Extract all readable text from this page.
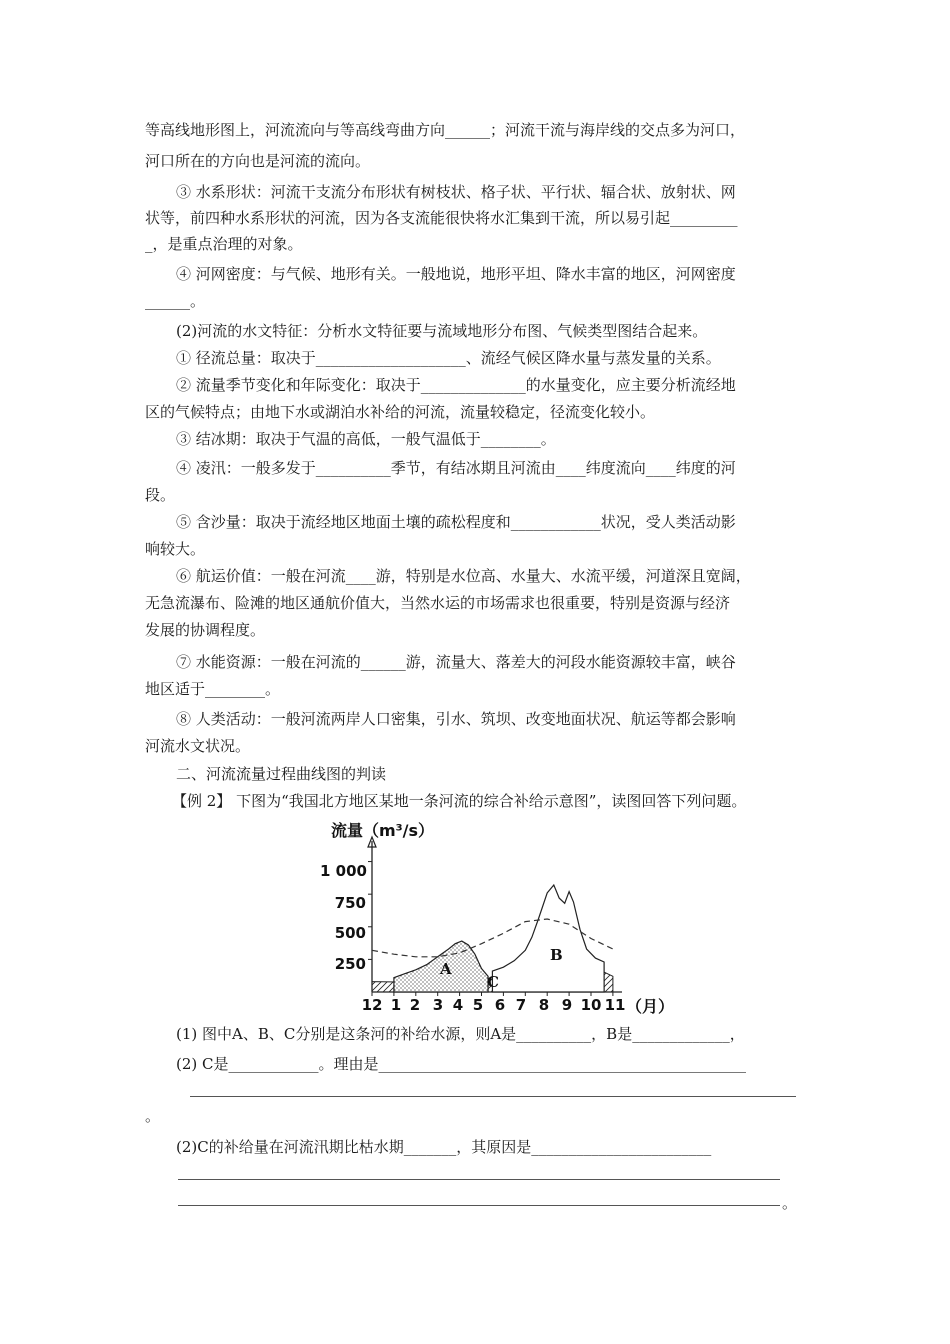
等高线地形图上，河流流向与等高线弯曲方向______；河流干流与海岸线的交点多为河口，
河口所在的方向也是河流的流向。
③ 水系形状：河流干支流分布形状有树枝状、格子状、平行状、辐合状、放射状、网
状等，前四种水系形状的河流，因为各支流能很快将水汇集到干流，所以易引起_________
_，是重点治理的对象。
④ 河网密度：与气候、地形有关。一般地说，地形平坦、降水丰富的地区，河网密度
______。
(2)河流的水文特征：分析水文特征要与流域地形分布图、气候类型图结合起来。
① 径流总量：取决于____________________、流经气候区降水量与蒸发量的关系。
② 流量季节变化和年际变化：取决于______________的水量变化，应主要分析流经地
区的气候特点；由地下水或湖泊水补给的河流，流量较稳定，径流变化较小。
③ 结冰期：取决于气温的高低，一般气温低于________。
④ 凌汛：一般多发于__________季节，有结冰期且河流由____纬度流向____纬度的河
段。
⑤ 含沙量：取决于流经地区地面土壤的疏松程度和____________状况，受人类活动影
响较大。
⑥ 航运价值：一般在河流____游，特别是水位高、水量大、水流平缓，河道深且宽阔，
无急流瀑布、险滩的地区通航价值大，当然水运的市场需求也很重要，特别是资源与经济
发展的协调程度。
⑦ 水能资源：一般在河流的______游，流量大、落差大的河段水能资源较丰富，峡谷
地区适于________。
⑧ 人类活动：一般河流两岸人口密集，引水、筑坝、改变地面状况、航运等都会影响
河流水文状况。
二、河流流量过程曲线图的判读
【例 2】 下图为“我国北方地区某地一条河流的综合补给示意图”，读图回答下列问题。
流量（m³/s）
（月）
1 000
750
500
250
12 1 2 3 4 5 6 7 8 9 10 11
A
B
C
(1) 图中A、B、C分别是这条河的补给水源，则A是__________，B是_____________，
(2) C是____________。理由是_________________________________________________
。
(2)C的补给量在河流汛期比枯水期_______，其原因是________________________
。
